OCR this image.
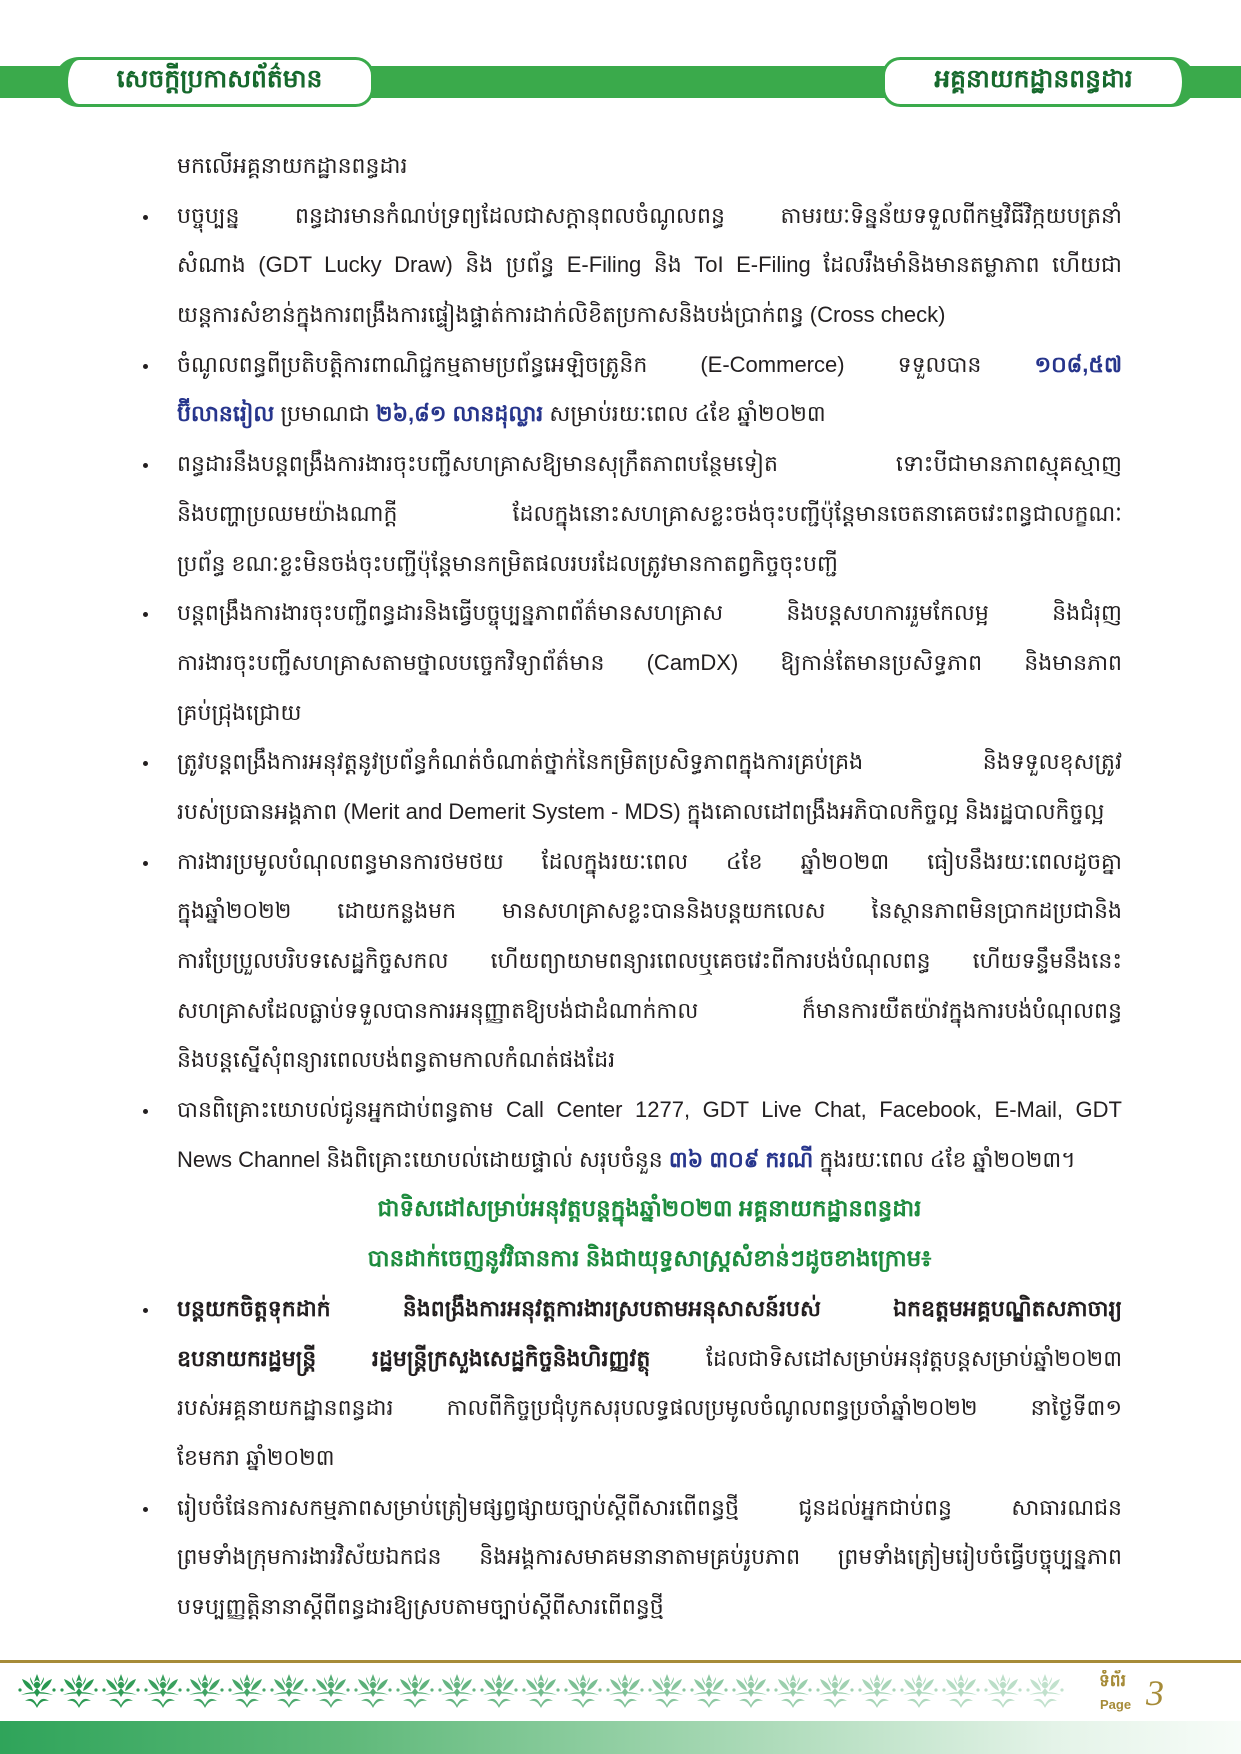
សេចក្តីប្រកាសព័ត៌មាន	អគ្គនាយកដ្ឋានពន្ធដារ
មកលើអគ្គនាយកដ្ឋានពន្ធដារ
បច្ចុប្បន្ន ពន្ធដារមានកំណប់ទ្រព្យដែលជាសក្តានុពលចំណូលពន្ធ តាមរយៈទិន្នន័យទទួលពីកម្មវិធីវិក្កយបត្រនាំ
សំណាង (GDT Lucky Draw) និង ប្រព័ន្ធ E-Filing និង ToI E-Filing ដែលរឹងមាំនិងមានតម្លាភាព ហើយជា
យន្តការសំខាន់ក្នុងការពង្រឹងការផ្ទៀងផ្ទាត់ការដាក់លិខិតប្រកាសនិងបង់ប្រាក់ពន្ធ (Cross check)
ចំណូលពន្ធពីប្រតិបត្តិការពាណិជ្ជកម្មតាមប្រព័ន្ធអេឡិចត្រូនិក (E-Commerce) ទទួលបាន ១០៨,៥៧
ប៊ីលានរៀល ប្រមាណជា ២៦,៨១ លានដុល្លារ សម្រាប់រយៈពេល ៤ខែ ឆ្នាំ២០២៣
ពន្ធដារនឹងបន្តពង្រឹងការងារចុះបញ្ជីសហគ្រាសឱ្យមានសុក្រឹតភាពបន្ថែមទៀត ទោះបីជាមានភាពស្មុគស្មាញ
និងបញ្ហាប្រឈមយ៉ាងណាក្តី ដែលក្នុងនោះសហគ្រាសខ្លះចង់ចុះបញ្ជីប៉ុន្តែមានចេតនាគេចវេះពន្ធជាលក្ខណៈ
ប្រព័ន្ធ ខណៈខ្លះមិនចង់ចុះបញ្ជីប៉ុន្តែមានកម្រិតផលរបរដែលត្រូវមានកាតព្វកិច្ចចុះបញ្ជី
បន្តពង្រឹងការងារចុះបញ្ជីពន្ធដារនិងធ្វើបច្ចុប្បន្នភាពព័ត៌មានសហគ្រាស និងបន្តសហការរួមកែលម្អ និងជំរុញ
ការងារចុះបញ្ជីសហគ្រាសតាមថ្នាលបច្ចេកវិទ្យាព័ត៌មាន (CamDX) ឱ្យកាន់តែមានប្រសិទ្ធភាព និងមានភាព
គ្រប់ជ្រុងជ្រោយ
ត្រូវបន្តពង្រឹងការអនុវត្តនូវប្រព័ន្ធកំណត់ចំណាត់ថ្នាក់នៃកម្រិតប្រសិទ្ធភាពក្នុងការគ្រប់គ្រង និងទទួលខុសត្រូវ
របស់ប្រធានអង្គភាព (Merit and Demerit System - MDS) ក្នុងគោលដៅពង្រឹងអភិបាលកិច្ចល្អ និងរដ្ឋបាលកិច្ចល្អ
ការងារប្រមូលបំណុលពន្ធមានការថមថយ ដែលក្នុងរយៈពេល ៤ខែ ឆ្នាំ២០២៣ ធៀបនឹងរយៈពេលដូចគ្នា
ក្នុងឆ្នាំ២០២២ ដោយកន្លងមក មានសហគ្រាសខ្លះបាននិងបន្តយកលេស នៃស្ថានភាពមិនប្រាកដប្រជានិង
ការប្រែប្រួលបរិបទសេដ្ឋកិច្ចសកល ហើយព្យាយាមពន្យារពេលឬគេចវេះពីការបង់បំណុលពន្ធ ហើយទន្ទឹមនឹងនេះ
សហគ្រាសដែលធ្លាប់ទទួលបានការអនុញ្ញាតឱ្យបង់ជាដំណាក់កាល ក៏មានការយឺតយ៉ាវក្នុងការបង់បំណុលពន្ធ
និងបន្តស្នើសុំពន្យារពេលបង់ពន្ធតាមកាលកំណត់ផងដែរ
បានពិគ្រោះយោបល់ជូនអ្នកជាប់ពន្ធតាម Call Center 1277, GDT Live Chat, Facebook, E-Mail, GDT
News Channel និងពិគ្រោះយោបល់ដោយផ្ទាល់ សរុបចំនួន ៣៦ ៣០៩ ករណី ក្នុងរយៈពេល ៤ខែ ឆ្នាំ២០២៣។
ជាទិសដៅសម្រាប់អនុវត្តបន្តក្នុងឆ្នាំ២០២៣ អគ្គនាយកដ្ឋានពន្ធដារ
បានដាក់ចេញនូវវិធានការ និងជាយុទ្ធសាស្ត្រសំខាន់ៗដូចខាងក្រោម៖
បន្តយកចិត្តទុកដាក់ និងពង្រឹងការអនុវត្តការងារស្របតាមអនុសាសន៍របស់ ឯកឧត្តមអគ្គបណ្ឌិតសភាចារ្យ
ឧបនាយករដ្ឋមន្ត្រី រដ្ឋមន្ត្រីក្រសួងសេដ្ឋកិច្ចនិងហិរញ្ញវត្ថុ ដែលជាទិសដៅសម្រាប់អនុវត្តបន្តសម្រាប់ឆ្នាំ២០២៣
របស់អគ្គនាយកដ្ឋានពន្ធដារ កាលពីកិច្ចប្រជុំបូកសរុបលទ្ធផលប្រមូលចំណូលពន្ធប្រចាំឆ្នាំ២០២២ នាថ្ងៃទី៣១
ខែមករា ឆ្នាំ២០២៣
រៀបចំផែនការសកម្មភាពសម្រាប់ត្រៀមផ្សព្វផ្សាយច្បាប់ស្តីពីសារពើពន្ធថ្មី ជូនដល់អ្នកជាប់ពន្ធ សាធារណជន
ព្រមទាំងក្រុមការងារវិស័យឯកជន និងអង្គការសមាគមនានាតាមគ្រប់រូបភាព ព្រមទាំងត្រៀមរៀបចំធ្វើបច្ចុប្បន្នភាព
បទប្បញ្ញត្តិនានាស្តីពីពន្ធដារឱ្យស្របតាមច្បាប់ស្តីពីសារពើពន្ធថ្មី
ទំព័រ
Page 3
